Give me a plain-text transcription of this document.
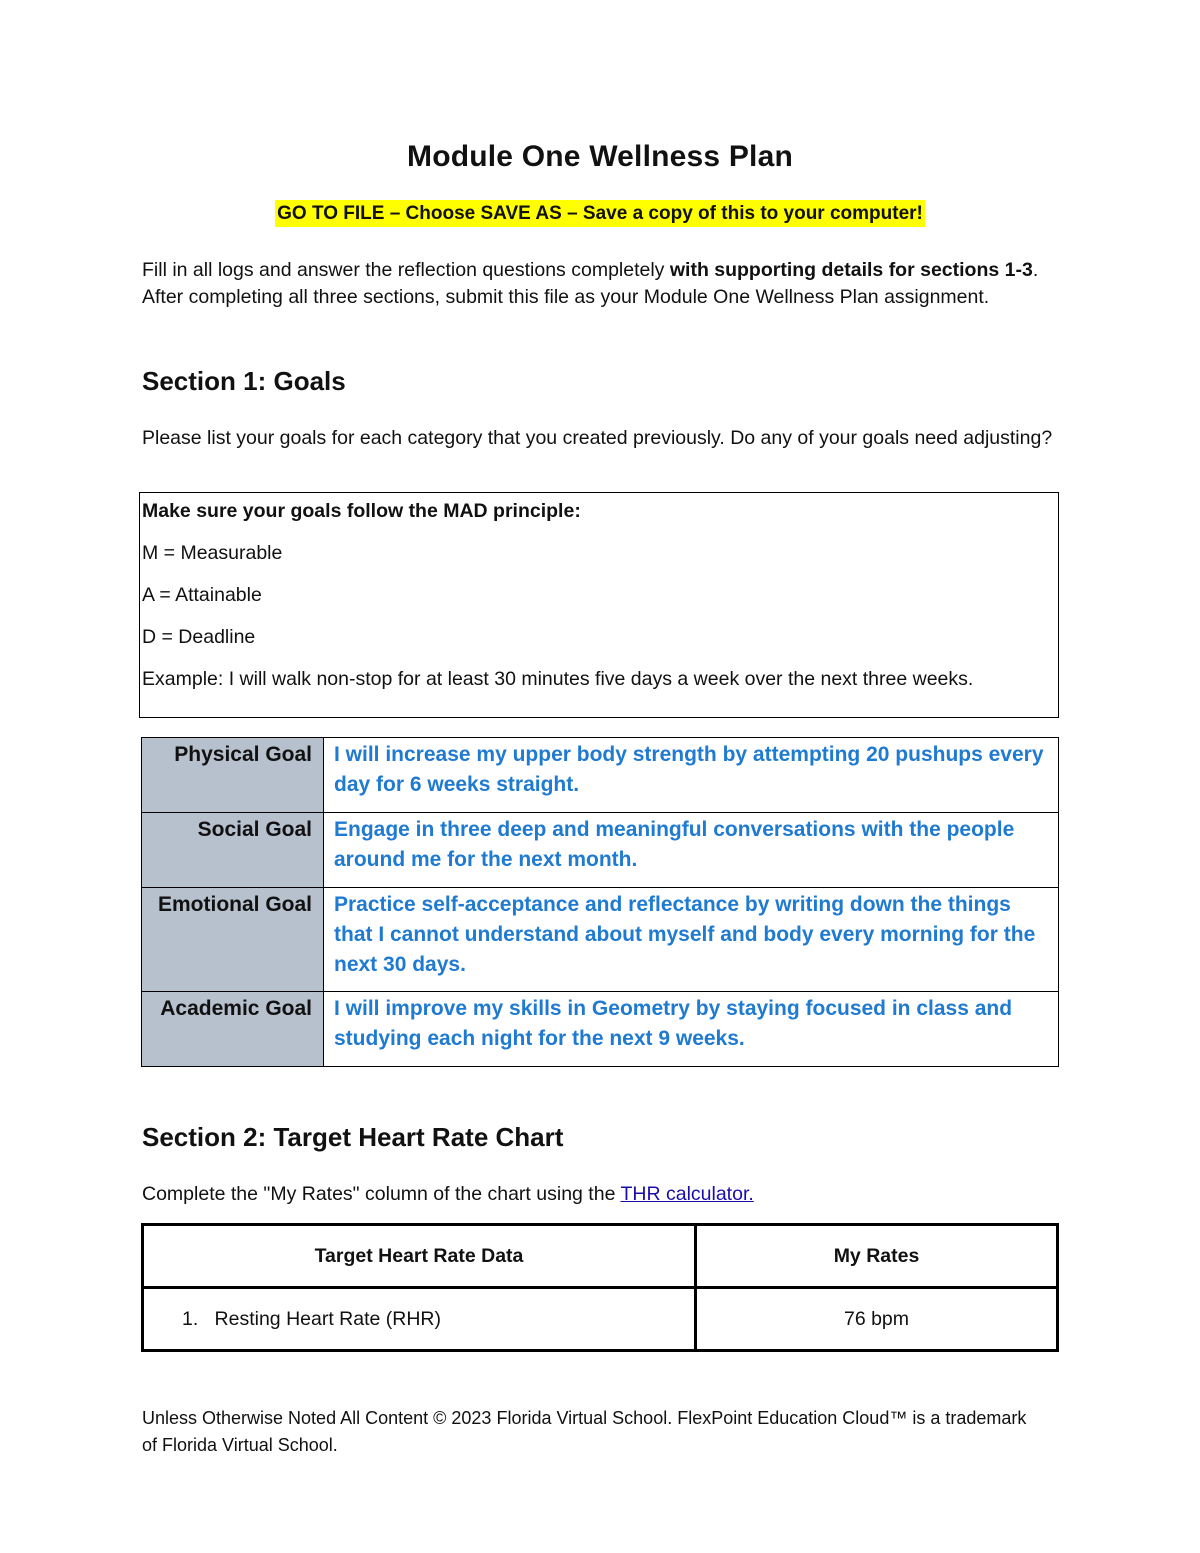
Module One Wellness Plan
GO TO FILE – Choose SAVE AS – Save a copy of this to your computer!

Fill in all logs and answer the reflection questions completely with supporting details for sections 1-3. After completing all three sections, submit this file as your Module One Wellness Plan assignment.

Section 1: Goals

Please list your goals for each category that you created previously. Do any of your goals need adjusting?

Make sure your goals follow the MAD principle:

M = Measurable

A = Attainable

D = Deadline

Example: I will walk non-stop for at least 30 minutes five days a week over the next three weeks.

Physical Goal	I will increase my upper body strength by attempting 20 pushups every day for 6 weeks straight.
Social Goal	Engage in three deep and meaningful conversations with the people around me for the next month.
Emotional Goal	Practice self-acceptance and reflectance by writing down the things that I cannot understand about myself and body every morning for the next 30 days.
Academic Goal	I will improve my skills in Geometry by staying focused in class and studying each night for the next 9 weeks.
Section 2: Target Heart Rate Chart

Complete the "My Rates" column of the chart using the THR calculator.

Target Heart Rate Data	My Rates
1. Resting Heart Rate (RHR)	76 bpm

Unless Otherwise Noted All Content © 2023 Florida Virtual School. FlexPoint Education Cloud™ is a trademark of Florida Virtual School.
